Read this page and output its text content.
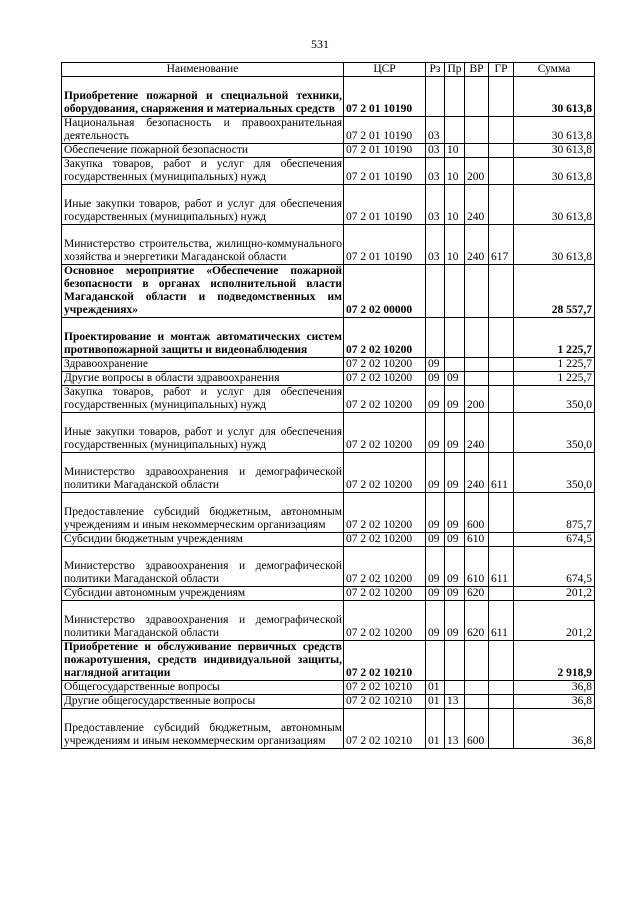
531
Наименование	ЦСР	Рз	Пр	ВР	ГР	Сумма
Приобретение пожарной и специальной техники, оборудования, снаряжения и материальных средств	07 2 01 10190					30 613,8
Национальная безопасность и правоохранительная деятельность	07 2 01 10190	03				30 613,8
Обеспечение пожарной безопасности	07 2 01 10190	03	10			30 613,8
Закупка товаров, работ и услуг для обеспечения государственных (муниципальных) нужд	07 2 01 10190	03	10	200		30 613,8
Иные закупки товаров, работ и услуг для обеспечения государственных (муниципальных) нужд	07 2 01 10190	03	10	240		30 613,8
Министерство строительства, жилищно-коммунального хозяйства и энергетики Магаданской области	07 2 01 10190	03	10	240	617	30 613,8
Основное мероприятие «Обеспечение пожарной безопасности в органах исполнительной власти Магаданской области и подведомственных им учреждениях»	07 2 02 00000					28 557,7
Проектирование и монтаж автоматических систем противопожарной защиты и видеонаблюдения	07 2 02 10200					1 225,7
Здравоохранение	07 2 02 10200	09				1 225,7
Другие вопросы в области здравоохранения	07 2 02 10200	09	09			1 225,7
Закупка товаров, работ и услуг для обеспечения государственных (муниципальных) нужд	07 2 02 10200	09	09	200		350,0
Иные закупки товаров, работ и услуг для обеспечения государственных (муниципальных) нужд	07 2 02 10200	09	09	240		350,0
Министерство здравоохранения и демографической политики Магаданской области	07 2 02 10200	09	09	240	611	350,0
Предоставление субсидий бюджетным, автономным учреждениям и иным некоммерческим организациям	07 2 02 10200	09	09	600		875,7
Субсидии бюджетным учреждениям	07 2 02 10200	09	09	610		674,5
Министерство здравоохранения и демографической политики Магаданской области	07 2 02 10200	09	09	610	611	674,5
Субсидии автономным учреждениям	07 2 02 10200	09	09	620		201,2
Министерство здравоохранения и демографической политики Магаданской области	07 2 02 10200	09	09	620	611	201,2
Приобретение и обслуживание первичных средств пожаротушения, средств индивидуальной защиты, наглядной агитации	07 2 02 10210					2 918,9
Общегосударственные вопросы	07 2 02 10210	01				36,8
Другие общегосударственные вопросы	07 2 02 10210	01	13			36,8
Предоставление субсидий бюджетным, автономным учреждениям и иным некоммерческим организациям	07 2 02 10210	01	13	600		36,8
